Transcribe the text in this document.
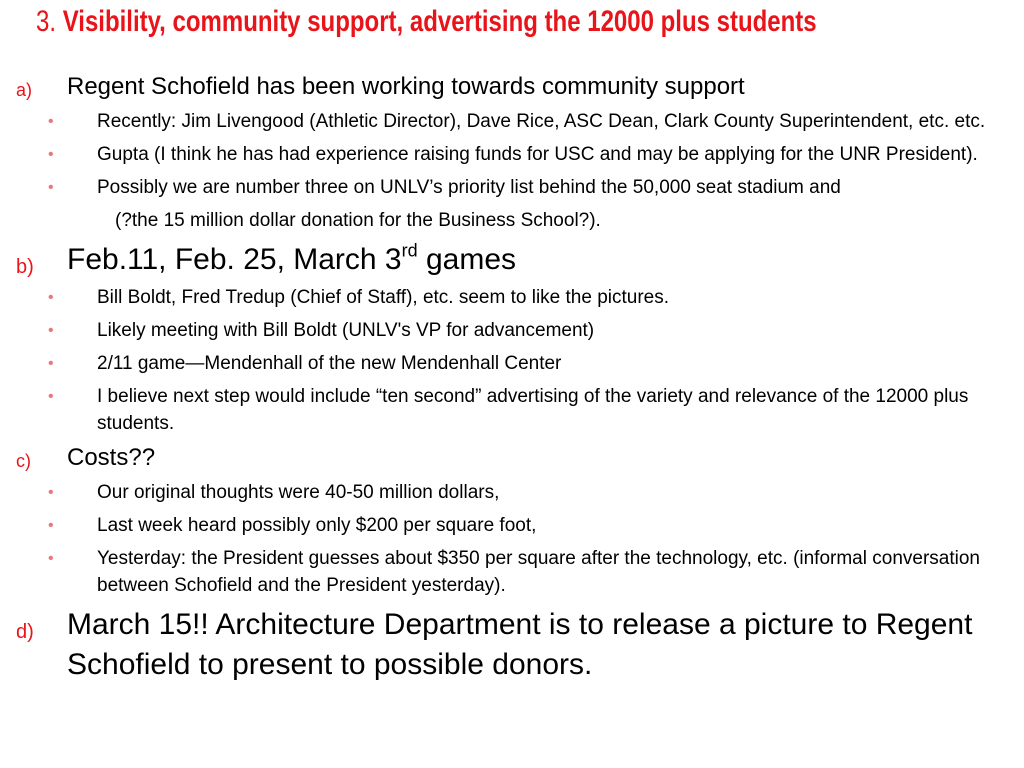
3. Visibility, community support, advertising the 12000 plus students
a) Regent Schofield has been working towards community support
• Recently: Jim Livengood (Athletic Director), Dave Rice, ASC Dean, Clark County Superintendent, etc. etc.
• Gupta (I think he has had experience raising funds for USC and may be applying for the UNR President).
• Possibly we are number three on UNLV’s priority list behind the 50,000 seat stadium and
(?the 15 million dollar donation for the Business School?).
b) Feb.11, Feb. 25, March 3rd games
• Bill Boldt, Fred Tredup (Chief of Staff), etc. seem to like the pictures.
• Likely meeting with Bill Boldt (UNLV's VP for advancement)
• 2/11 game—Mendenhall of the new Mendenhall Center
• I believe next step would include “ten second” advertising of the variety and relevance of the 12000 plus students.
c) Costs??
• Our original thoughts were 40-50 million dollars,
• Last week heard possibly only $200 per square foot,
• Yesterday: the President guesses about $350 per square after the technology, etc. (informal conversation between Schofield and the President yesterday).
d) March 15!! Architecture Department is to release a picture to Regent Schofield to present to possible donors.
